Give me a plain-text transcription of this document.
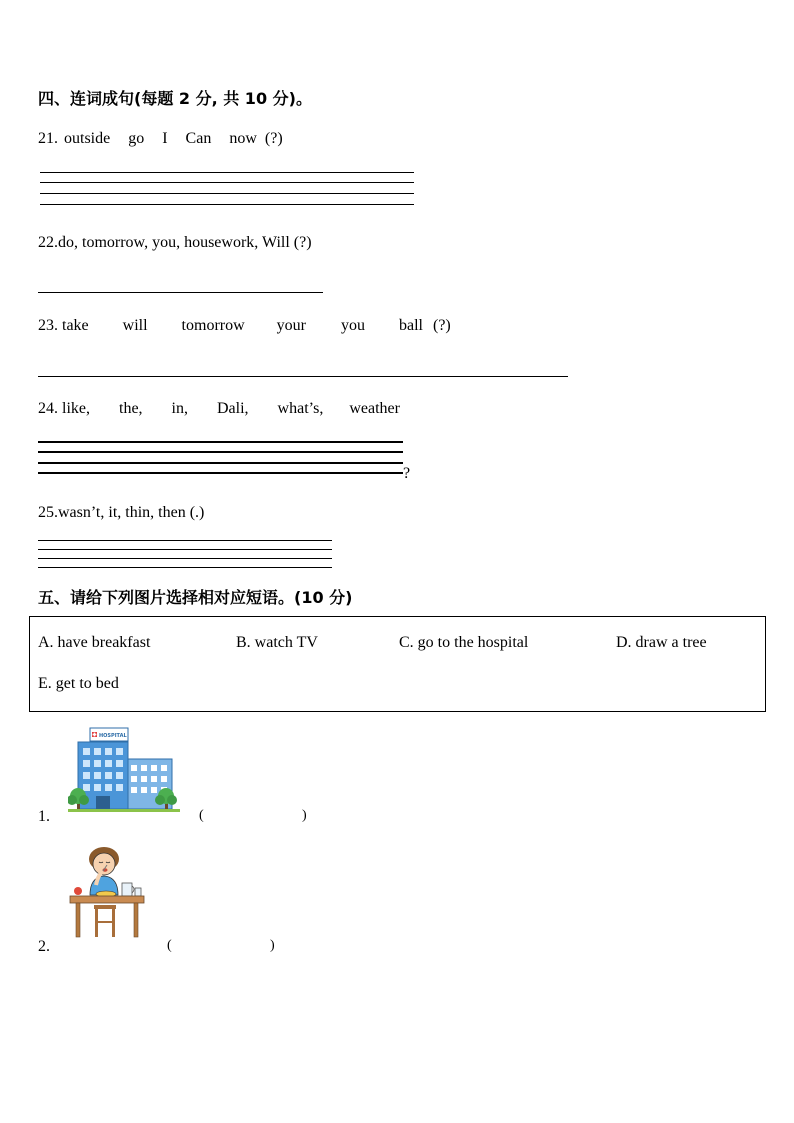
四、连词成句(每题 2 分, 共 10 分)。
21. outside go I Can now (?)
22.do, tomorrow, you, housework, Will (?)
23. take will tomorrow your you ball (?)
24. like, the, in, Dali, what’s, weather
?
25.wasn’t, it, thin, then (.)
五、请给下列图片选择相对应短语。(10 分)
A. have breakfast	B. watch TV	C. go to the hospital	D. draw a tree
E. get to bed
HOSPITAL
1.	(	)
2.	(	)
